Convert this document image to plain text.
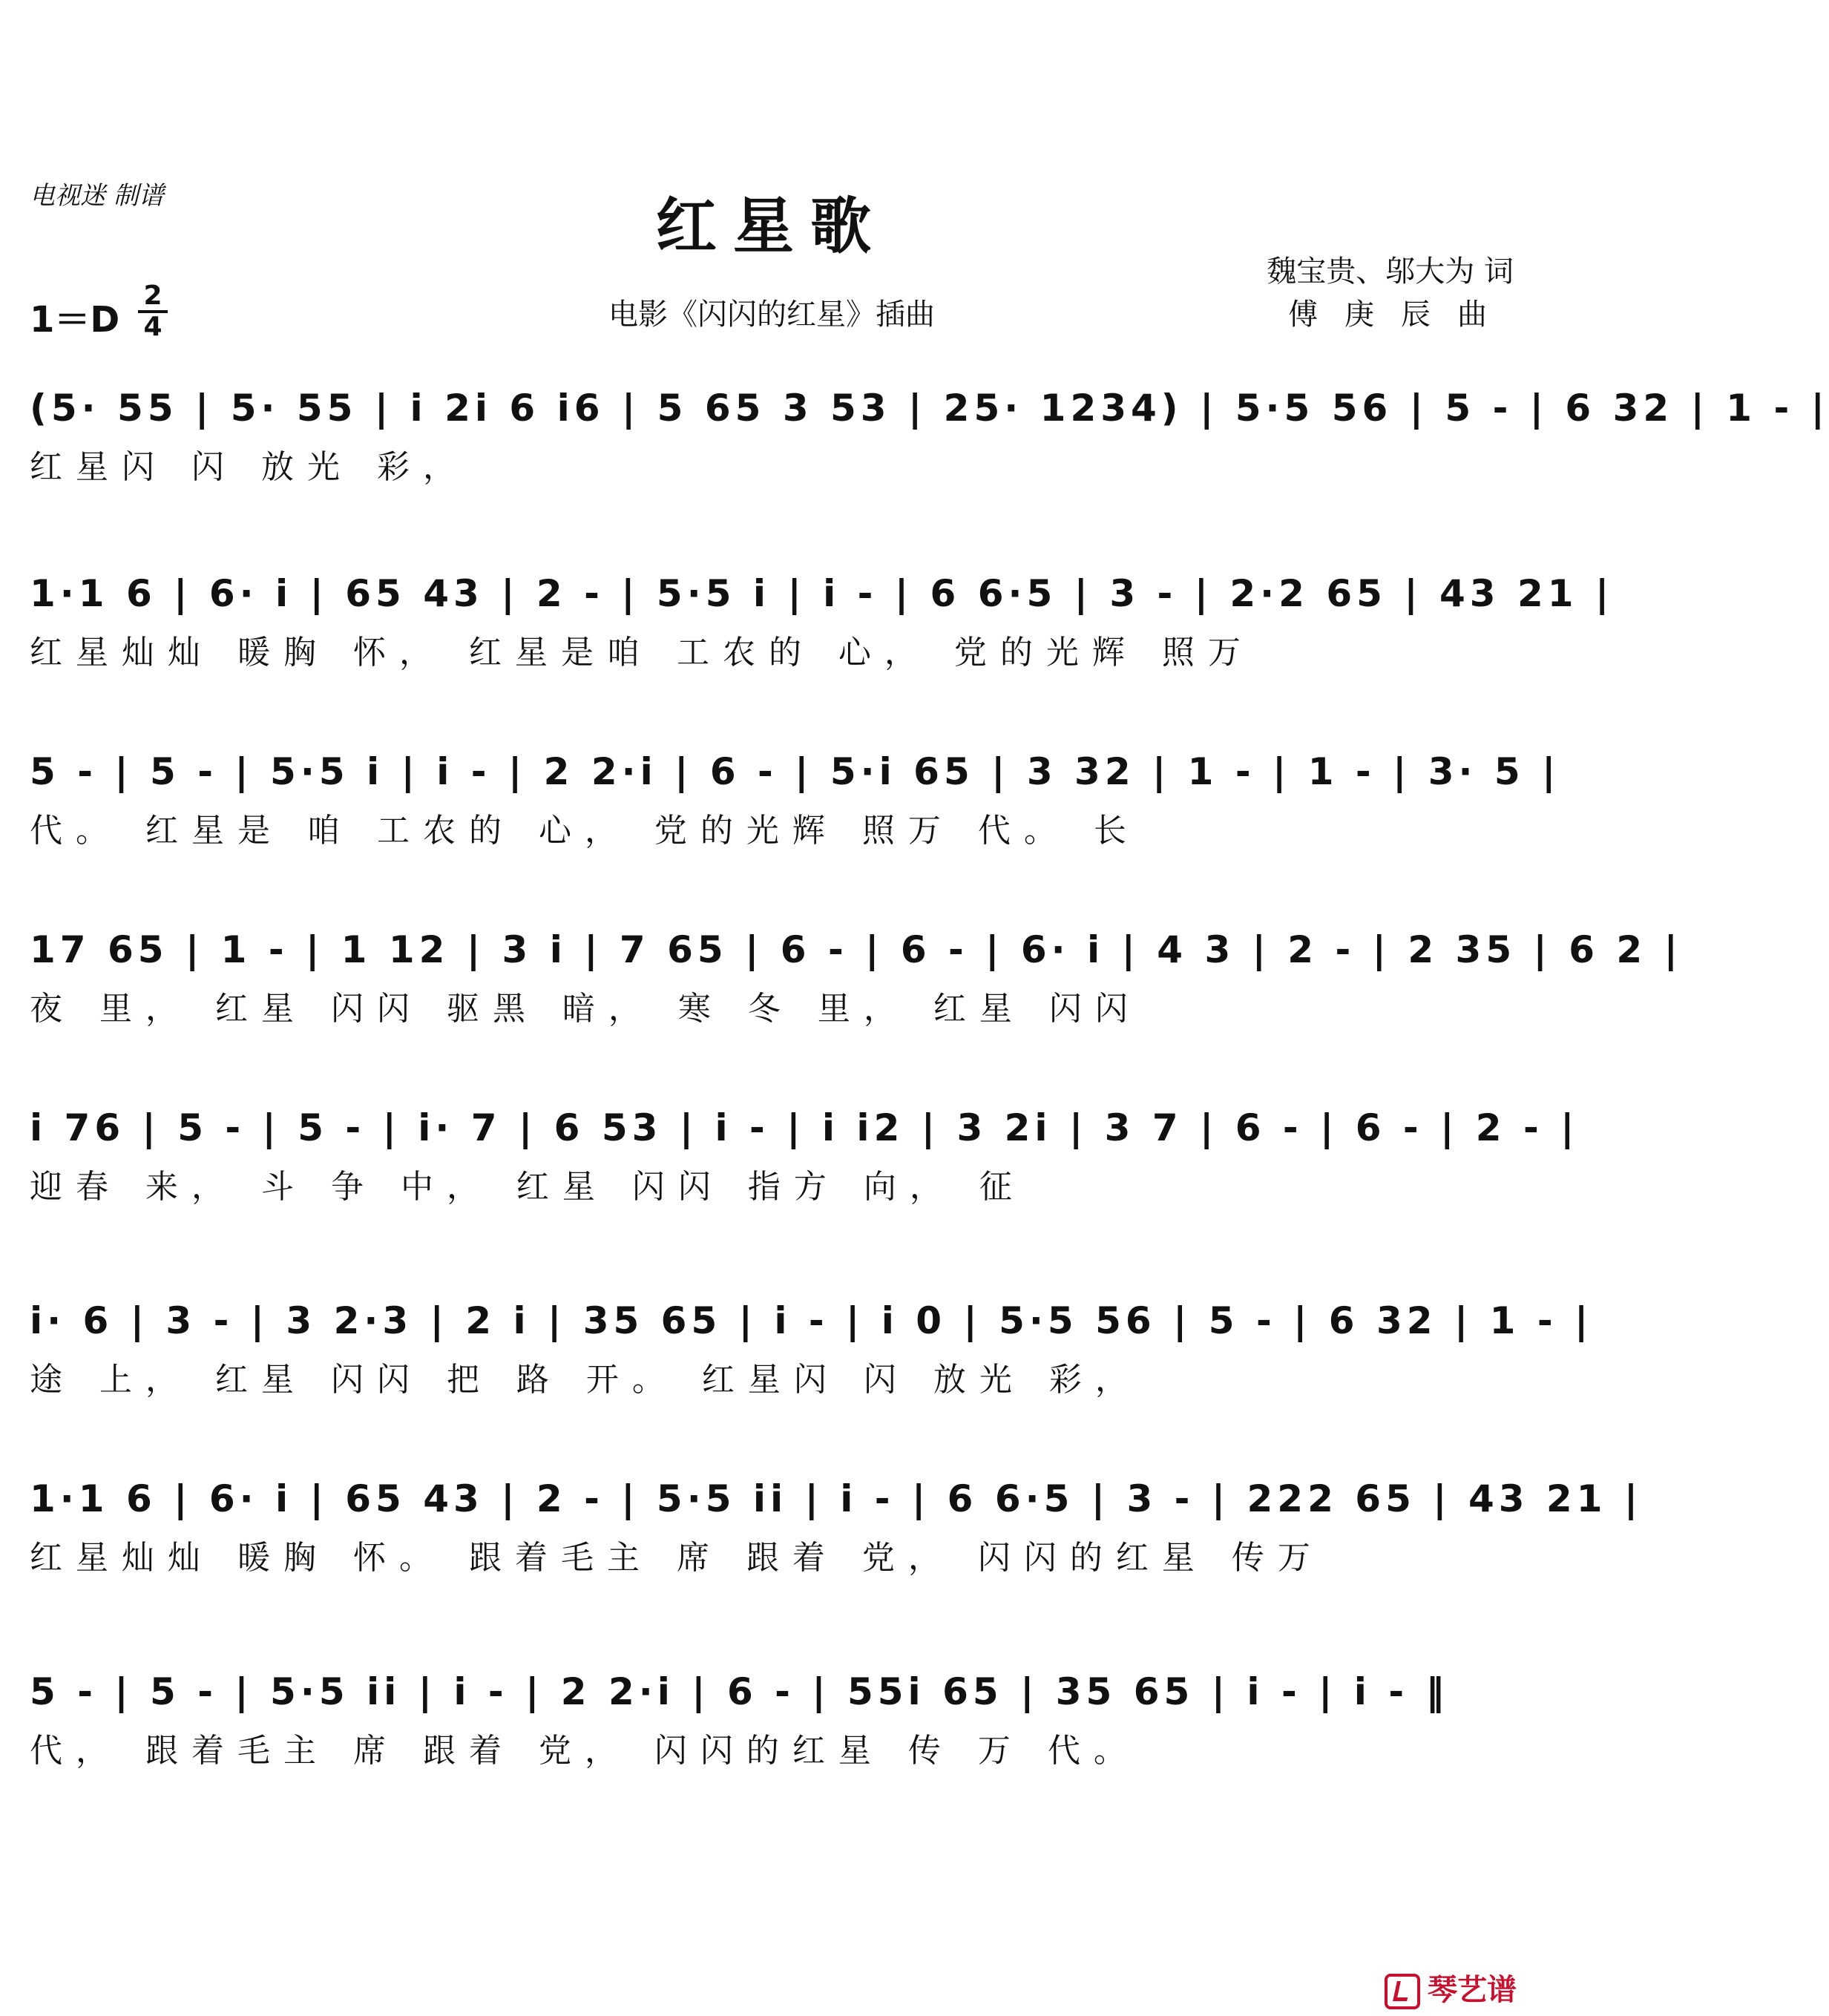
电视迷 制谱	红星歌
魏宝贵、邬大为 词
$1=D \frac{2}{4}$	电影《闪闪的红星》插曲	傅庚辰曲
(5· 55 | 5· 55 | i 2i 6 i6 | 5 65 3 53 | 25· 1234) | 5·5 56 | 5 - | 6 32 | 1 - |
红星闪 闪 放光 彩，
1·1 6 | 6· i | 65 43 | 2 - | 5·5 i | i - | 6 6·5 | 3 - | 2·2 65 | 43 21 |
红星灿灿 暖胸 怀， 红星是咱 工农的 心， 党的光辉 照万
5 - | 5 - | 5·5 i | i - | 2 2·i | 6 - | 5·i 65 | 3 32 | 1 - | 1 - | 3· 5 |
代。 红星是 咱 工农的 心， 党的光辉 照万 代。 长
17 65 | 1 - | 1 12 | 3 i | 7 65 | 6 - | 6 - | 6· i | 4 3 | 2 - | 2 35 | 6 2 |
夜 里， 红星 闪闪 驱黑 暗， 寒 冬 里， 红星 闪闪
i 76 | 5 - | 5 - | i· 7 | 6 53 | i - | i i2 | 3 2i | 3 7 | 6 - | 6 - | 2 - |
迎春 来， 斗 争 中， 红星 闪闪 指方 向， 征
i· 6 | 3 - | 3 2·3 | 2 i | 35 65 | i - | i 0 | 5·5 56 | 5 - | 6 32 | 1 - |
途 上， 红星 闪闪 把 路 开。 红星闪 闪 放光 彩，
1·1 6 | 6· i | 65 43 | 2 - | 5·5 ii | i - | 6 6·5 | 3 - | 222 65 | 43 21 |
红星灿灿 暖胸 怀。 跟着毛主 席 跟着 党， 闪闪的红星 传万
5 - | 5 - | 5·5 ii | i - | 2 2·i | 6 - | 55i 65 | 35 65 | i - | i - ‖
代， 跟着毛主 席 跟着 党， 闪闪的红星 传 万 代。
琴艺谱
